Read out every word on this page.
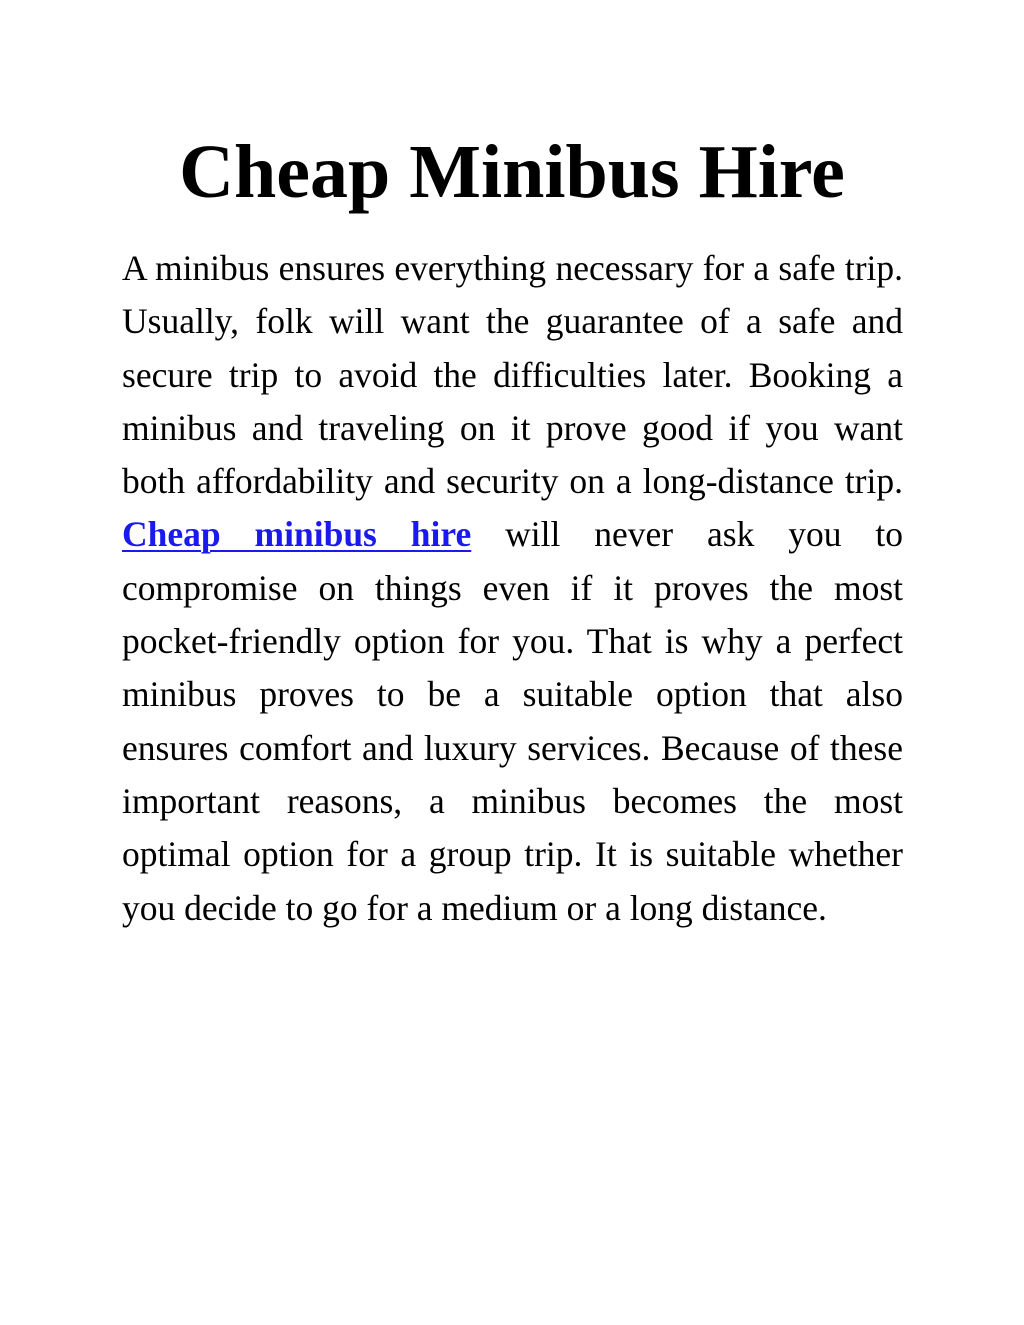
Cheap Minibus Hire

A minibus ensures everything necessary for a safe trip. Usually, folk will want the guarantee of a safe and secure trip to avoid the difficulties later. Booking a minibus and traveling on it prove good if you want both affordability and security on a long-distance trip. Cheap minibus hire will never ask you to compromise on things even if it proves the most pocket-friendly option for you. That is why a perfect minibus proves to be a suitable option that also ensures comfort and luxury services. Because of these important reasons, a minibus becomes the most optimal option for a group trip. It is suitable whether you decide to go for a medium or a long distance.
